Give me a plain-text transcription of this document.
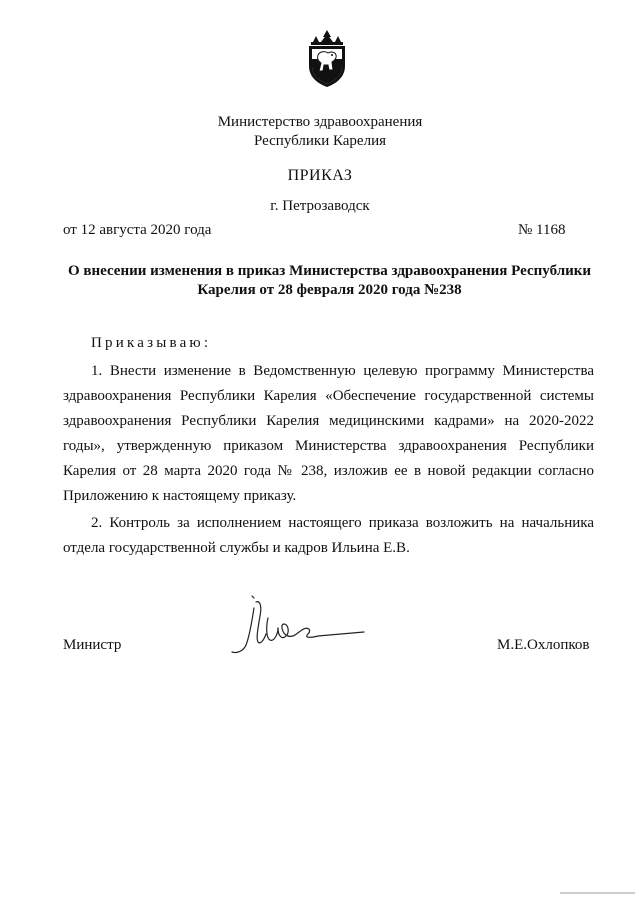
Министерство здравоохранения
Республики Карелия
ПРИКАЗ
г. Петрозаводск
от 12 августа 2020 года	№ 1168
О внесении изменения в приказ Министерства здравоохранения Республики
Карелия от 28 февраля 2020 года №238
Приказываю:
1. Внести изменение в Ведомственную целевую программу Министерства здравоохранения Республики Карелия «Обеспечение государственной системы здравоохранения Республики Карелия медицинскими кадрами» на 2020-2022 годы», утвержденную приказом Министерства здравоохранения Республики Карелия от 28 марта 2020 года № 238, изложив ее в новой редакции согласно Приложению к настоящему приказу.
2. Контроль за исполнением настоящего приказа возложить на начальника отдела государственной службы и кадров Ильина Е.В.
Министр	М.Е.Охлопков
